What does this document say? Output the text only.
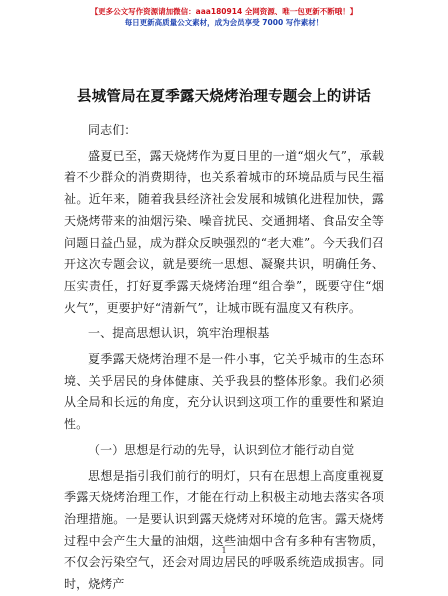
【更多公文写作资源请加微信：aaa180914 全网资源、唯一包更新不断哦！】
每日更新高质量公文素材，成为会员享受 7000 写作素材！
县城管局在夏季露天烧烤治理专题会上的讲话

同志们：

盛夏已至，露天烧烤作为夏日里的一道“烟火气”，承载着不少群众的消费期待，也关系着城市的环境品质与民生福祉。近年来，随着我县经济社会发展和城镇化进程加快，露天烧烤带来的油烟污染、噪音扰民、交通拥堵、食品安全等问题日益凸显，成为群众反映强烈的“老大难”。今天我们召开这次专题会议，就是要统一思想、凝聚共识，明确任务、压实责任，打好夏季露天烧烤治理“组合拳”，既要守住“烟火气”，更要护好“清新气”，让城市既有温度又有秩序。

一、提高思想认识，筑牢治理根基

夏季露天烧烤治理不是一件小事，它关乎城市的生态环境、关乎居民的身体健康、关乎我县的整体形象。我们必须从全局和长远的角度，充分认识到这项工作的重要性和紧迫性。

（一）思想是行动的先导，认识到位才能行动自觉

思想是指引我们前行的明灯，只有在思想上高度重视夏季露天烧烤治理工作，才能在行动上积极主动地去落实各项治理措施。一是要认识到露天烧烤对环境的危害。露天烧烤过程中会产生大量的油烟，这些油烟中含有多种有害物质，不仅会污染空气，还会对周边居民的呼吸系统造成损害。同时，烧烤产

1
